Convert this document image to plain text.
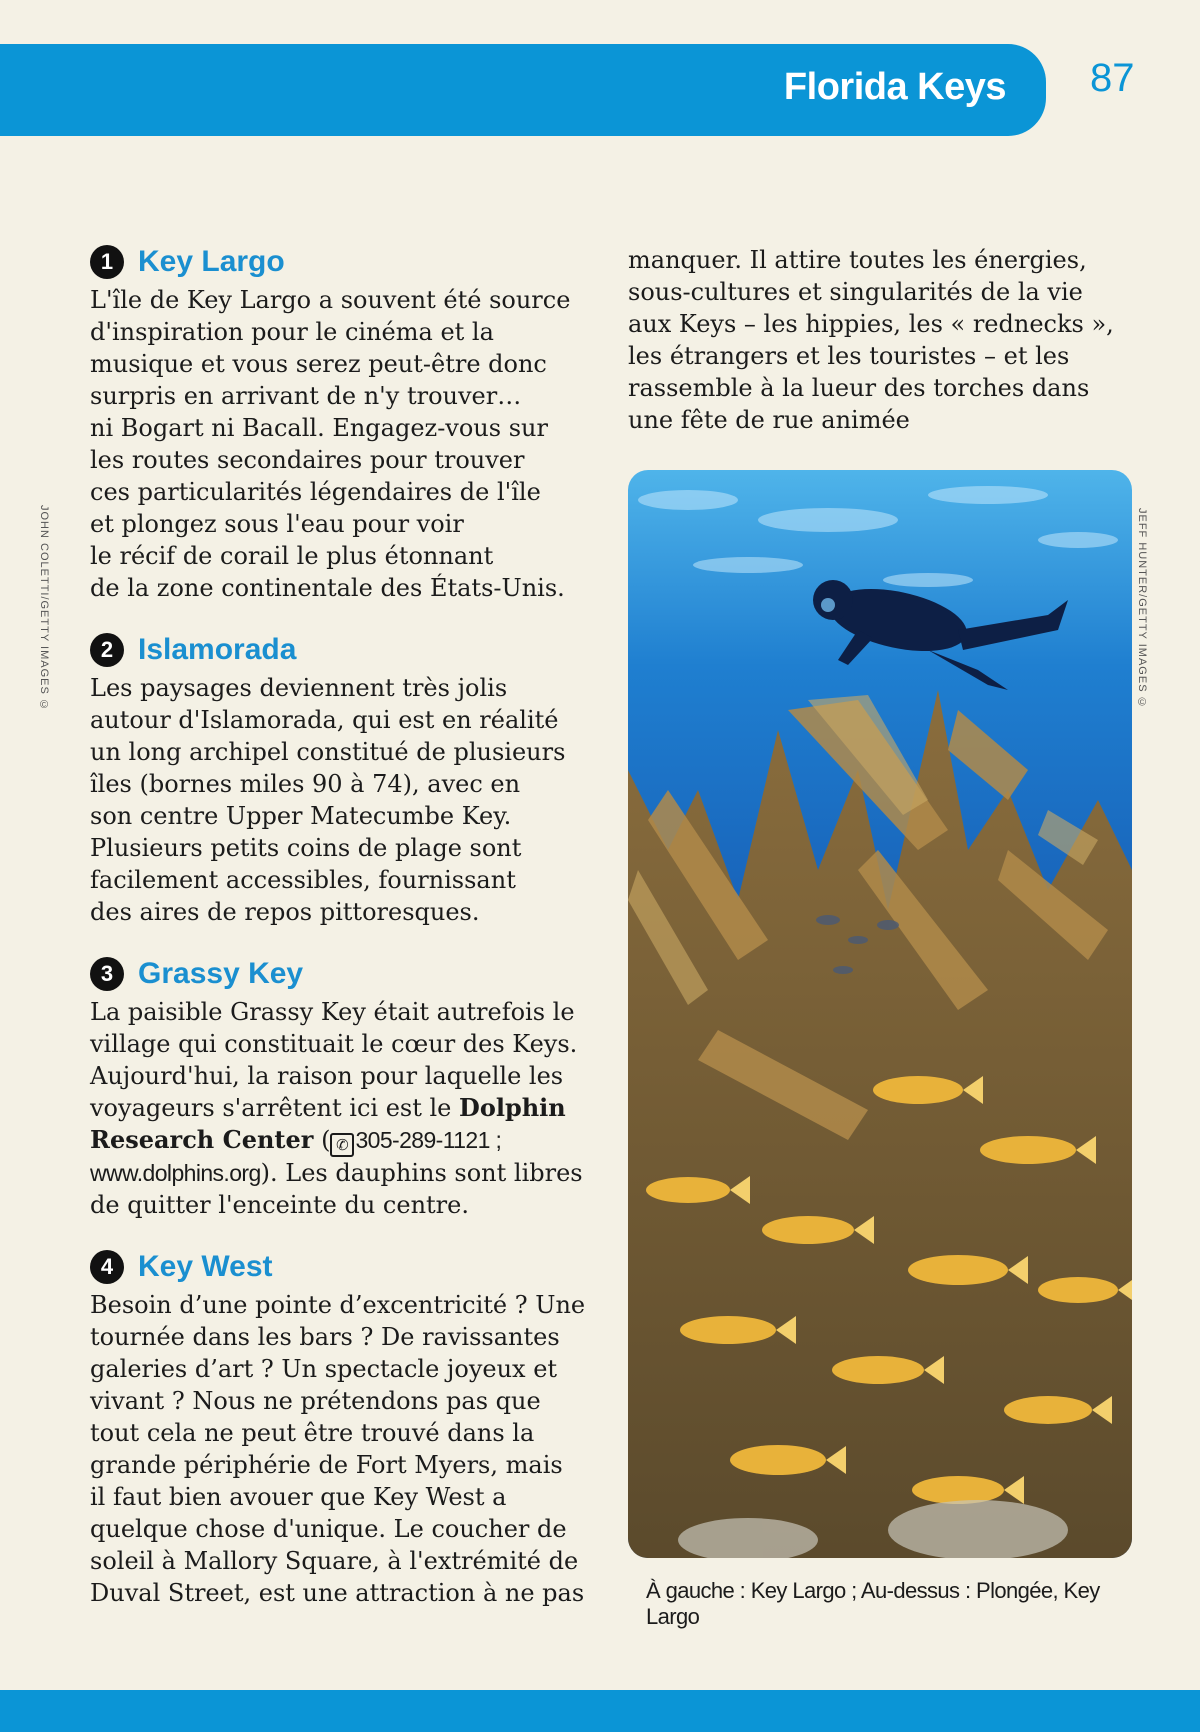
Florida Keys 87
JOHN COLETTI/GETTY IMAGES ©	JEFF HUNTER/GETTY IMAGES ©
1 Key Largo
L'île de Key Largo a souvent été source
d'inspiration pour le cinéma et la
musique et vous serez peut-être donc
surpris en arrivant de n'y trouver…
ni Bogart ni Bacall. Engagez-vous sur
les routes secondaires pour trouver
ces particularités légendaires de l'île
et plongez sous l'eau pour voir
le récif de corail le plus étonnant
de la zone continentale des États-Unis.
2 Islamorada
Les paysages deviennent très jolis
autour d'Islamorada, qui est en réalité
un long archipel constitué de plusieurs
îles (bornes miles 90 à 74), avec en
son centre Upper Matecumbe Key.
Plusieurs petits coins de plage sont
facilement accessibles, fournissant
des aires de repos pittoresques.
3 Grassy Key
La paisible Grassy Key était autrefois le
village qui constituait le cœur des Keys.
Aujourd'hui, la raison pour laquelle les
voyageurs s'arrêtent ici est le Dolphin
Research Center ( ✆ 305-289-1121 ;
www.dolphins.org). Les dauphins sont libres
de quitter l'enceinte du centre.
4 Key West
Besoin d’une pointe d’excentricité ? Une
tournée dans les bars ? De ravissantes
galeries d’art ? Un spectacle joyeux et
vivant ? Nous ne prétendons pas que
tout cela ne peut être trouvé dans la
grande périphérie de Fort Myers, mais
il faut bien avouer que Key West a
quelque chose d'unique. Le coucher de
soleil à Mallory Square, à l'extrémité de
Duval Street, est une attraction à ne pas
manquer. Il attire toutes les énergies,
sous-cultures et singularités de la vie
aux Keys – les hippies, les « rednecks »,
les étrangers et les touristes – et les
rassemble à la lueur des torches dans
une fête de rue animée
À gauche : Key Largo ; Au-dessus : Plongée, Key Largo
